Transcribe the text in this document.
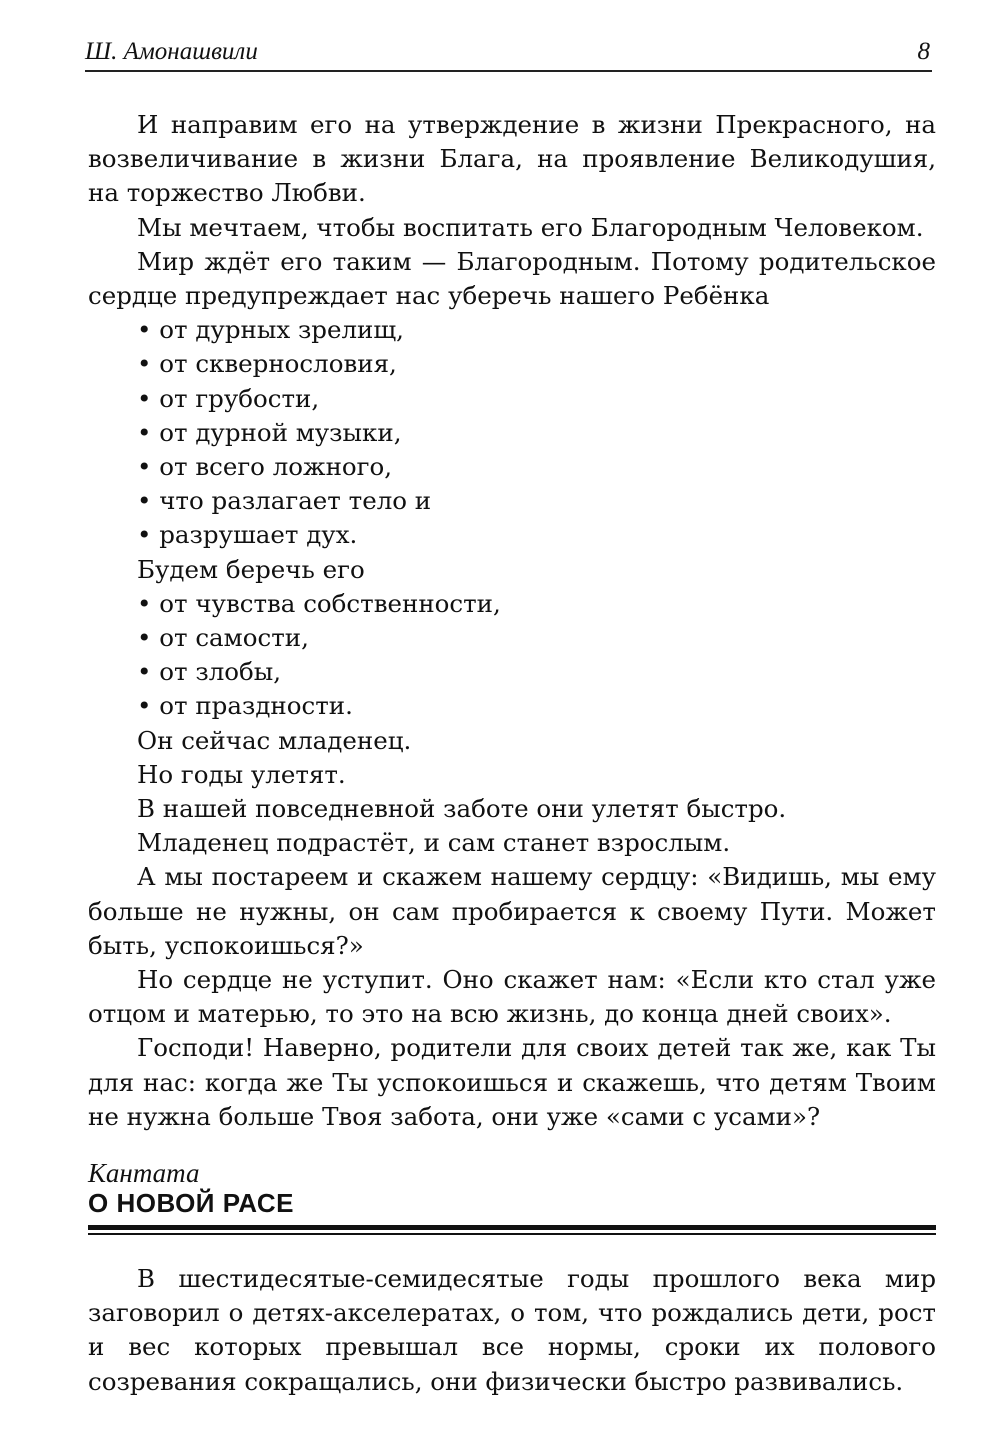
Ш. Амонашвили	8

И направим его на утверждение в жизни Прекрасного, на возвеличивание в жизни Блага, на проявление Великодушия, на торжество Любви.

Мы мечтаем, чтобы воспитать его Благородным Человеком.

Мир ждёт его таким — Благородным. Потому родительское сердце предупреждает нас уберечь нашего Ребёнка

• от дурных зрелищ,

• от сквернословия,

• от грубости,

• от дурной музыки,

• от всего ложного,

• что разлагает тело и

• разрушает дух.

Будем беречь его

• от чувства собственности,

• от самости,

• от злобы,

• от праздности.

Он сейчас младенец.

Но годы улетят.

В нашей повседневной заботе они улетят быстро.

Младенец подрастёт, и сам станет взрослым.

А мы постареем и скажем нашему сердцу: «Видишь, мы ему больше не нужны, он сам пробирается к своему Пути. Может быть, успокоишься?»

Но сердце не уступит. Оно скажет нам: «Если кто стал уже отцом и матерью, то это на всю жизнь, до конца дней своих».

Господи! Наверно, родители для своих детей так же, как Ты для нас: когда же Ты успокоишься и скажешь, что детям Твоим не нужна больше Твоя забота, они уже «сами с усами»?

Кантата
О НОВОЙ РАСЕ

В шестидесятые-семидесятые годы прошлого века мир заговорил о детях-акселератах, о том, что рождались дети, рост и вес которых превышал все нормы, сроки их полового созревания сокращались, они физически быстро развивались.
